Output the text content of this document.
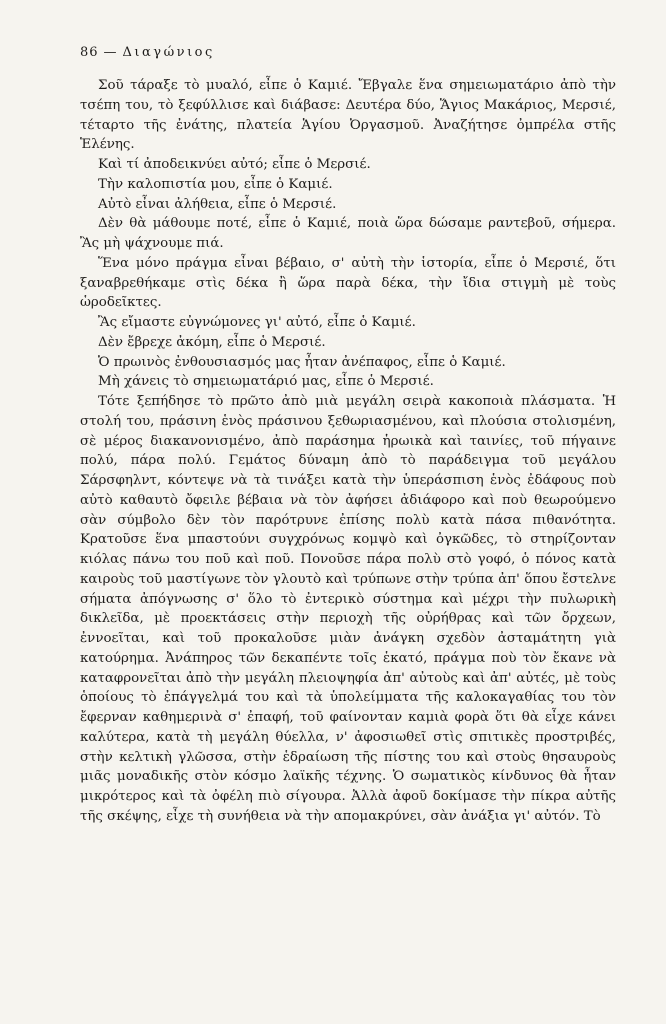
86 — Διαγώνιος

Σοῦ τάραξε τὸ μυαλό, εἶπε ὁ Καμιέ. Ἔβγαλε ἕνα σημειωματάριο ἀπὸ τὴν τσέπη του, τὸ ξεφύλλισε καὶ διάβασε: Δευτέρα δύο, Ἅγιος Μακάριος, Μερσιέ, τέταρτο τῆς ἐνάτης, πλατεία Ἁγίου Ὀργασμοῦ. Ἀναζήτησε ὀμπρέλα στῆς Ἑλένης.

Καὶ τί ἀποδεικνύει αὐτό; εἶπε ὁ Μερσιέ.

Τὴν καλοπιστία μου, εἶπε ὁ Καμιέ.

Αὐτὸ εἶναι ἀλήθεια, εἶπε ὁ Μερσιέ.

Δὲν θὰ μάθουμε ποτέ, εἶπε ὁ Καμιέ, ποιὰ ὥρα δώσαμε ραντεβοῦ, σήμερα. Ἂς μὴ ψάχνουμε πιά.

Ἕνα μόνο πράγμα εἶναι βέβαιο, σ' αὐτὴ τὴν ἱστορία, εἶπε ὁ Μερσιέ, ὅτι ξαναβρεθήκαμε στὶς δέκα ἢ ὥρα παρὰ δέκα, τὴν ἴδια στιγμὴ μὲ τοὺς ὡροδεῖκτες.

Ἂς εἴμαστε εὐγνώμονες γι' αὐτό, εἶπε ὁ Καμιέ.

Δὲν ἔβρεχε ἀκόμη, εἶπε ὁ Μερσιέ.

Ὁ πρωινὸς ἐνθουσιασμός μας ἦταν ἀνέπαφος, εἶπε ὁ Καμιέ.

Μὴ χάνεις τὸ σημειωματάριό μας, εἶπε ὁ Μερσιέ.

Τότε ξεπήδησε τὸ πρῶτο ἀπὸ μιὰ μεγάλη σειρὰ κακοποιὰ πλάσματα. Ἡ στολή του, πράσινη ἑνὸς πράσινου ξεθωριασμένου, καὶ πλούσια στολισμένη, σὲ μέρος διακανονισμένο, ἀπὸ παράσημα ἡρωικὰ καὶ ταινίες, τοῦ πήγαινε πολύ, πάρα πολύ. Γεμάτος δύναμη ἀπὸ τὸ παράδειγμα τοῦ μεγάλου Σάρσφηλντ, κόντεψε νὰ τὰ τινάξει κατὰ τὴν ὑπεράσπιση ἑνὸς ἐδάφους ποὺ αὐτὸ καθαυτὸ ὄφειλε βέβαια νὰ τὸν ἀφήσει ἀδιάφορο καὶ ποὺ θεωρούμενο σὰν σύμβολο δὲν τὸν παρότρυνε ἐπίσης πολὺ κατὰ πάσα πιθανότητα. Κρατοῦσε ἕνα μπαστούνι συγχρόνως κομψὸ καὶ ὀγκῶδες, τὸ στηρίζονταν κιόλας πάνω του ποῦ καὶ ποῦ. Πονοῦσε πάρα πολὺ στὸ γοφό, ὁ πόνος κατὰ καιροὺς τοῦ μαστίγωνε τὸν γλουτὸ καὶ τρύπωνε στὴν τρύπα ἀπ' ὅπου ἔστελνε σήματα ἀπόγνωσης σ' ὅλο τὸ ἐντερικὸ σύστημα καὶ μέχρι τὴν πυλωρικὴ δικλεῖδα, μὲ προεκτάσεις στὴν περιοχὴ τῆς οὐρήθρας καὶ τῶν ὄρχεων, ἐννοεῖται, καὶ τοῦ προκαλοῦσε μιὰν ἀνάγκη σχεδὸν ἀσταμάτητη γιὰ κατούρημα. Ἀνάπηρος τῶν δεκαπέντε τοῖς ἑκατό, πράγμα ποὺ τὸν ἔκανε νὰ καταφρονεῖται ἀπὸ τὴν μεγάλη πλειοψηφία ἀπ' αὐτοὺς καὶ ἀπ' αὐτές, μὲ τοὺς ὁποίους τὸ ἐπάγγελμά του καὶ τὰ ὑπολείμματα τῆς καλοκαγαθίας του τὸν ἔφερναν καθημερινὰ σ' ἐπαφή, τοῦ φαίνονταν καμιὰ φορὰ ὅτι θὰ εἶχε κάνει καλύτερα, κατὰ τὴ μεγάλη θύελλα, ν' ἀφοσιωθεῖ στὶς σπιτικὲς προστριβές, στὴν κελτικὴ γλῶσσα, στὴν ἑδραίωση τῆς πίστης του καὶ στοὺς θησαυροὺς μιᾶς μοναδικῆς στὸν κόσμο λαϊκῆς τέχνης. Ὁ σωματικὸς κίνδυνος θὰ ἦταν μικρότερος καὶ τὰ ὀφέλη πιὸ σίγουρα. Ἀλλὰ ἀφοῦ δοκίμασε τὴν πίκρα αὐτῆς τῆς σκέψης, εἶχε τὴ συνήθεια νὰ τὴν απομακρύνει, σὰν ἀνάξια γι' αὐτόν. Τὸ
